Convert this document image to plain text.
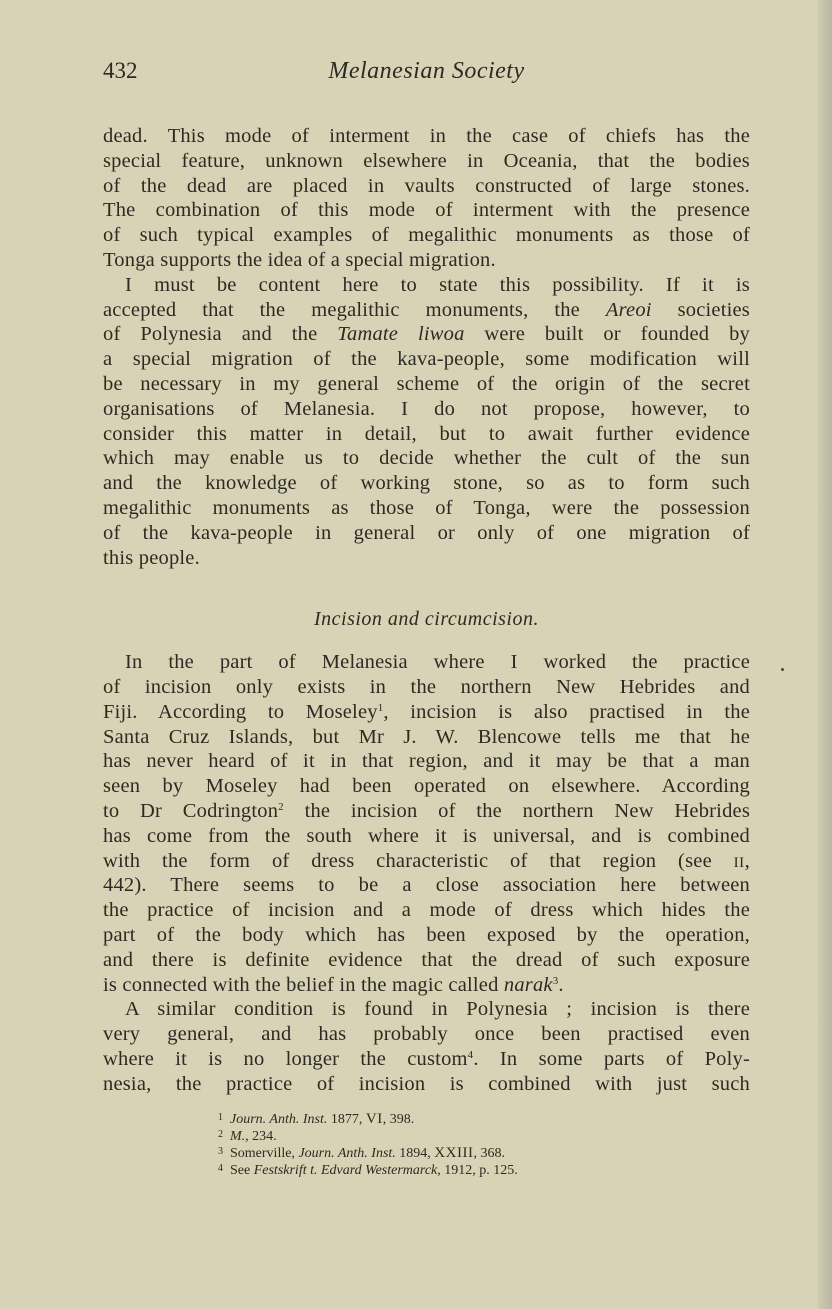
432	Melanesian Society
dead. This mode of interment in the case of chiefs has the
special feature, unknown elsewhere in Oceania, that the bodies
of the dead are placed in vaults constructed of large stones.
The combination of this mode of interment with the presence
of such typical examples of megalithic monuments as those of
Tonga supports the idea of a special migration.
I must be content here to state this possibility. If it is
accepted that the megalithic monuments, the Areoi societies
of Polynesia and the Tamate liwoa were built or founded by
a special migration of the kava-people, some modification will
be necessary in my general scheme of the origin of the secret
organisations of Melanesia. I do not propose, however, to
consider this matter in detail, but to await further evidence
which may enable us to decide whether the cult of the sun
and the knowledge of working stone, so as to form such
megalithic monuments as those of Tonga, were the possession
of the kava-people in general or only of one migration of
this people.
Incision and circumcision.
In the part of Melanesia where I worked the practice
of incision only exists in the northern New Hebrides and
Fiji. According to Moseley$^1$, incision is also practised in the
Santa Cruz Islands, but Mr J. W. Blencowe tells me that he
has never heard of it in that region, and it may be that a man
seen by Moseley had been operated on elsewhere. According
to Dr Codrington$^2$ the incision of the northern New Hebrides
has come from the south where it is universal, and is combined
with the form of dress characteristic of that region (see II,
442). There seems to be a close association here between
the practice of incision and a mode of dress which hides the
part of the body which has been exposed by the operation,
and there is definite evidence that the dread of such exposure
is connected with the belief in the magic called narak$^3$.
A similar condition is found in Polynesia ; incision is there
very general, and has probably once been practised even
where it is no longer the custom$^4$. In some parts of Poly-
nesia, the practice of incision is combined with just such
1 Journ. Anth. Inst. 1877, VI, 398.
2 M., 234.
3 Somerville, Journ. Anth. Inst. 1894, XXIII, 368.
4 See Festskrift t. Edvard Westermarck, 1912, p. 125.
